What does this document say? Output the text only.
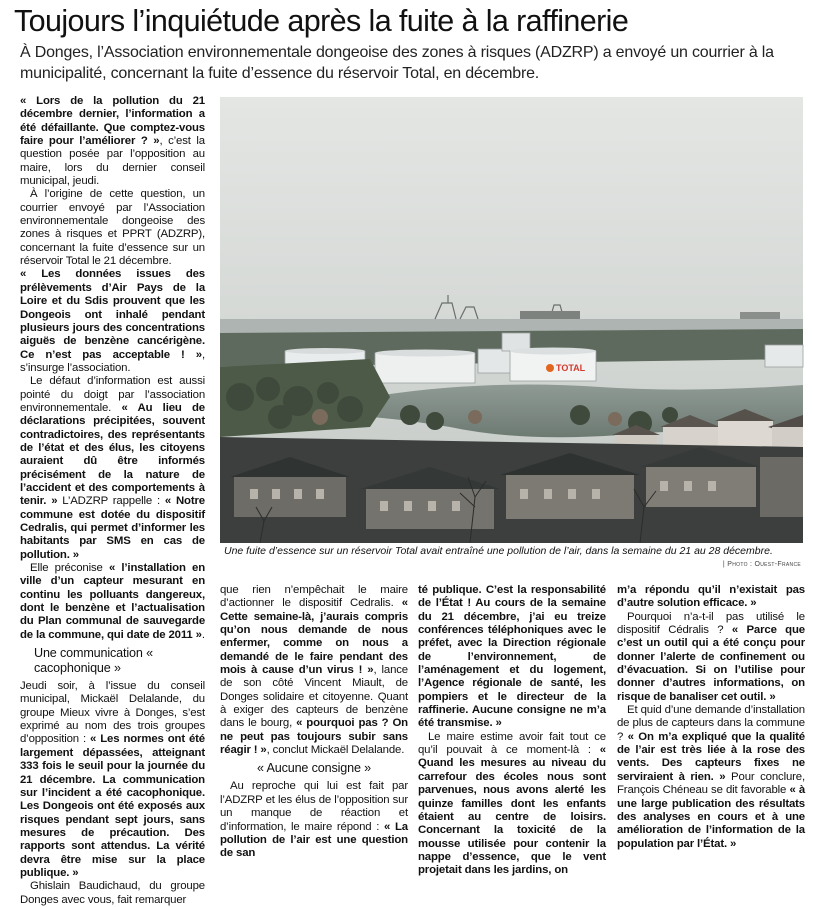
Toujours l’inquiétude après la fuite à la raffinerie

À Donges, l’Association environnementale dongeoise des zones à risques (ADZRP) a envoyé un courrier à la municipalité, concernant la fuite d’essence du réservoir Total, en décembre.

« Lors de la pollution du 21 décembre dernier, l’information a été défaillante. Que comptez-vous faire pour l’améliorer ? », c’est la question posée par l’opposition au maire, lors du dernier conseil municipal, jeudi.

À l’origine de cette question, un courrier envoyé par l’Association environnementale dongeoise des zones à risques et PPRT (ADZRP), concernant la fuite d’essence sur un réservoir Total le 21 décembre.

« Les données issues des prélèvements d’Air Pays de la Loire et du Sdis prouvent que les Dongeois ont inhalé pendant plusieurs jours des concentrations aiguës de benzène cancérigène. Ce n’est pas acceptable ! », s’insurge l’association.

Le défaut d’information est aussi pointé du doigt par l’association environnementale. « Au lieu de déclarations précipitées, souvent contradictoires, des représentants de l’état et des élus, les citoyens auraient dû être informés précisément de la nature de l’accident et des comportements à tenir. » L’ADZRP rappelle : « Notre commune est dotée du dispositif Cedralis, qui permet d’informer les habitants par SMS en cas de pollution. »

Elle préconise « l’installation en ville d’un capteur mesurant en continu les polluants dangereux, dont le benzène et l’actualisation du Plan communal de sauvegarde de la commune, qui date de 2011 ».

Une communication « cacophonique »

Jeudi soir, à l’issue du conseil municipal, Mickaël Delalande, du groupe Mieux vivre à Donges, s’est exprimé au nom des trois groupes d’opposition : « Les normes ont été largement dépassées, atteignant 333 fois le seuil pour la journée du 21 décembre. La communication sur l’incident a été cacophonique. Les Dongeois ont été exposés aux risques pendant sept jours, sans mesures de précaution. Des rapports sont attendus. La vérité devra être mise sur la place publique. »

Ghislain Baudichaud, du groupe Donges avec vous, fait remarquer

TOTAL

Une fuite d’essence sur un réservoir Total avait entraîné une pollution de l’air, dans la semaine du 21 au 28 décembre.

| Photo : Ouest-France

que rien n’empêchait le maire d’actionner le dispositif Cedralis. « Cette semaine-là, j’aurais compris qu’on nous demande de nous enfermer, comme on nous a demandé de le faire pendant des mois à cause d’un virus ! », lance de son côté Vincent Miault, de Donges solidaire et citoyenne. Quant à exiger des capteurs de benzène dans le bourg, « pourquoi pas ? On ne peut pas toujours subir sans réagir ! », conclut Mickaël Delalande.

« Aucune consigne »

Au reproche qui lui est fait par l’ADZRP et les élus de l’opposition sur un manque de réaction et d’information, le maire répond : « La pollution de l’air est une question de san

té publique. C’est la responsabilité de l’État ! Au cours de la semaine du 21 décembre, j’ai eu treize conférences téléphoniques avec le préfet, avec la Direction régionale de l’environnement, de l’aménagement et du logement, l’Agence régionale de santé, les pompiers et le directeur de la raffinerie. Aucune consigne ne m’a été transmise. »

Le maire estime avoir fait tout ce qu’il pouvait à ce moment-là : « Quand les mesures au niveau du carrefour des écoles nous sont parvenues, nous avons alerté les quinze familles dont les enfants étaient au centre de loisirs. Concernant la toxicité de la mousse utilisée pour contenir la nappe d’essence, que le vent projetait dans les jardins, on

m’a répondu qu’il n’existait pas d’autre solution efficace. »

Pourquoi n’a-t-il pas utilisé le dispositif Cédralis ? « Parce que c’est un outil qui a été conçu pour donner l’alerte de confinement ou d’évacuation. Si on l’utilise pour donner d’autres informations, on risque de banaliser cet outil. »

Et quid d’une demande d’installation de plus de capteurs dans la commune ? « On m’a expliqué que la qualité de l’air est très liée à la rose des vents. Des capteurs fixes ne serviraient à rien. » Pour conclure, François Chéneau se dit favorable « à une large publication des résultats des analyses en cours et à une amélioration de l’information de la population par l’État. »
